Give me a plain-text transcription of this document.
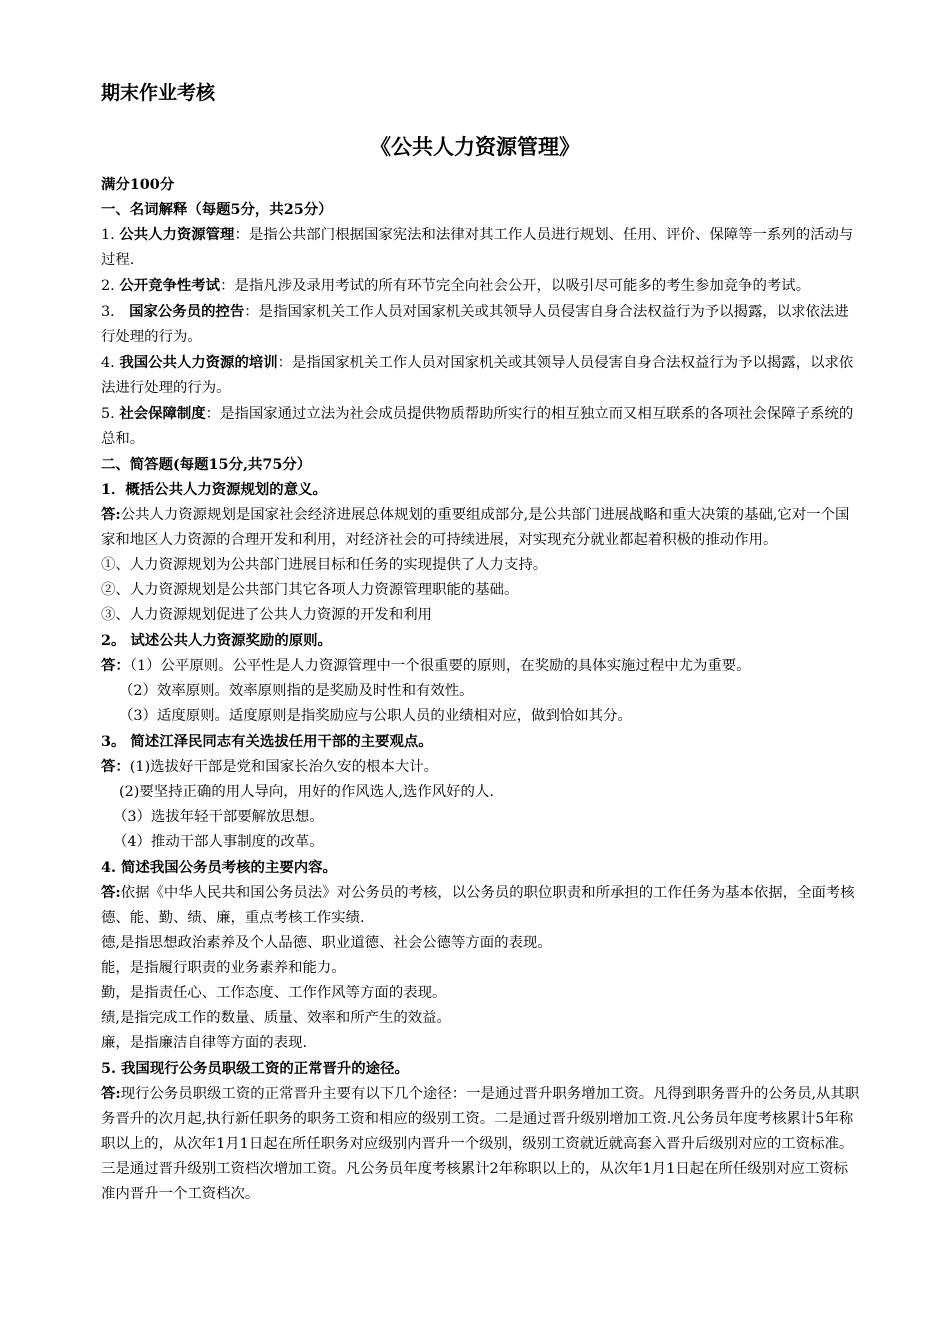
期末作业考核
《公共人力资源管理》

满分100分

一、名词解释（每题5分，共25分）

1. 公共人力资源管理：是指公共部门根据国家宪法和法律对其工作人员进行规划、任用、评价、保障等一系列的活动与过程.

2. 公开竞争性考试：是指凡涉及录用考试的所有环节完全向社会公开，以吸引尽可能多的考生参加竞争的考试。

3． 国家公务员的控告：是指国家机关工作人员对国家机关或其领导人员侵害自身合法权益行为予以揭露，以求依法进行处理的行为。

4. 我国公共人力资源的培训：是指国家机关工作人员对国家机关或其领导人员侵害自身合法权益行为予以揭露，以求依法进行处理的行为。

5. 社会保障制度：是指国家通过立法为社会成员提供物质帮助所实行的相互独立而又相互联系的各项社会保障子系统的总和。

二、简答题(每题15分,共75分）

1．概括公共人力资源规划的意义。

答:公共人力资源规划是国家社会经济进展总体规划的重要组成部分,是公共部门进展战略和重大决策的基础,它对一个国家和地区人力资源的合理开发和利用，对经济社会的可持续进展，对实现充分就业都起着积极的推动作用。

①、人力资源规划为公共部门进展目标和任务的实现提供了人力支持。

②、人力资源规划是公共部门其它各项人力资源管理职能的基础。

③、人力资源规划促进了公共人力资源的开发和利用

2。 试述公共人力资源奖励的原则。

答：（1）公平原则。公平性是人力资源管理中一个很重要的原则，在奖励的具体实施过程中尤为重要。

（2）效率原则。效率原则指的是奖励及时性和有效性。

（3）适度原则。适度原则是指奖励应与公职人员的业绩相对应，做到恰如其分。

3。 简述江泽民同志有关选拔任用干部的主要观点。

答：(1)选拔好干部是党和国家长治久安的根本大计。

(2)要坚持正确的用人导向，用好的作风选人,选作风好的人.

（3）选拔年轻干部要解放思想。

（4）推动干部人事制度的改革。

4. 简述我国公务员考核的主要内容。

答:依据《中华人民共和国公务员法》对公务员的考核，以公务员的职位职责和所承担的工作任务为基本依据，全面考核德、能、勤、绩、廉，重点考核工作实绩.

德,是指思想政治素养及个人品德、职业道德、社会公德等方面的表现。

能，是指履行职责的业务素养和能力。

勤，是指责任心、工作态度、工作作风等方面的表现。

绩,是指完成工作的数量、质量、效率和所产生的效益。

廉，是指廉洁自律等方面的表现.

5. 我国现行公务员职级工资的正常晋升的途径。

答:现行公务员职级工资的正常晋升主要有以下几个途径：一是通过晋升职务增加工资。凡得到职务晋升的公务员,从其职务晋升的次月起,执行新任职务的职务工资和相应的级别工资。二是通过晋升级别增加工资.凡公务员年度考核累计5年称职以上的，从次年1月1日起在所任职务对应级别内晋升一个级别，级别工资就近就高套入晋升后级别对应的工资标准。三是通过晋升级别工资档次增加工资。凡公务员年度考核累计2年称职以上的，从次年1月1日起在所任级别对应工资标准内晋升一个工资档次。
